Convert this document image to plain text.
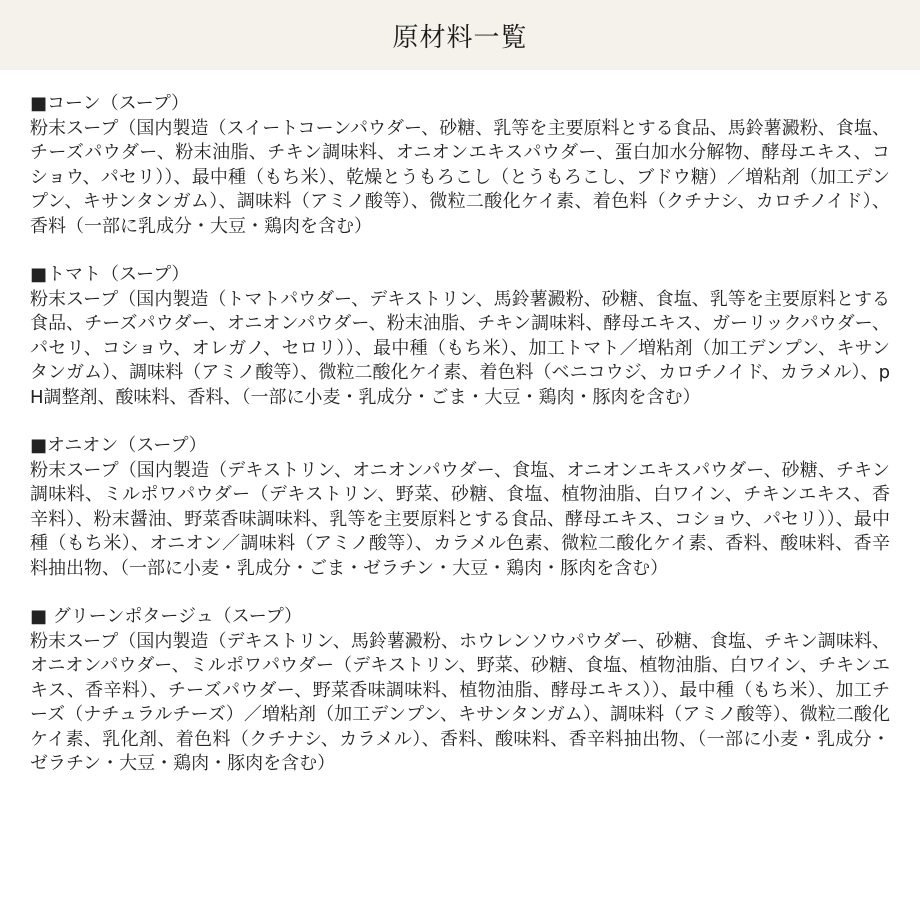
原材料一覧

■コーン（スープ）

粉末スープ（国内製造（スイートコーンパウダー、砂糖、乳等を主要原料とする食品、馬鈴薯澱粉、食塩、チーズパウダー、粉末油脂、チキン調味料、オニオンエキスパウダー、蛋白加水分解物、酵母エキス、コショウ、パセリ））、最中種（もち米）、乾燥とうもろこし（とうもろこし、ブドウ糖）／増粘剤（加工デンプン、キサンタンガム）、調味料（アミノ酸等）、微粒二酸化ケイ素、着色料（クチナシ、カロチノイド）、香料（一部に乳成分・大豆・鶏肉を含む）

■トマト（スープ）

粉末スープ（国内製造（トマトパウダー、デキストリン、馬鈴薯澱粉、砂糖、食塩、乳等を主要原料とする食品、チーズパウダー、オニオンパウダー、粉末油脂、チキン調味料、酵母エキス、ガーリックパウダー、パセリ、コショウ、オレガノ、セロリ））、最中種（もち米）、加工トマト／増粘剤（加工デンプン、キサンタンガム）、調味料（アミノ酸等）、微粒二酸化ケイ素、着色料（ベニコウジ、カロチノイド、カラメル）、pH調整剤、酸味料、香料、（一部に小麦・乳成分・ごま・大豆・鶏肉・豚肉を含む）

■オニオン（スープ）

粉末スープ（国内製造（デキストリン、オニオンパウダー、食塩、オニオンエキスパウダー、砂糖、チキン調味料、ミルポワパウダー（デキストリン、野菜、砂糖、食塩、植物油脂、白ワイン、チキンエキス、香辛料）、粉末醤油、野菜香味調味料、乳等を主要原料とする食品、酵母エキス、コショウ、パセリ））、最中種（もち米）、オニオン／調味料（アミノ酸等）、カラメル色素、微粒二酸化ケイ素、香料、酸味料、香辛料抽出物、（一部に小麦・乳成分・ごま・ゼラチン・大豆・鶏肉・豚肉を含む）

■ グリーンポタージュ（スープ）

粉末スープ（国内製造（デキストリン、馬鈴薯澱粉、ホウレンソウパウダー、砂糖、食塩、チキン調味料、オニオンパウダー、ミルポワパウダー（デキストリン、野菜、砂糖、食塩、植物油脂、白ワイン、チキンエキス、香辛料）、チーズパウダー、野菜香味調味料、植物油脂、酵母エキス））、最中種（もち米）、加工チーズ（ナチュラルチーズ）／増粘剤（加工デンプン、キサンタンガム）、調味料（アミノ酸等）、微粒二酸化ケイ素、乳化剤、着色料（クチナシ、カラメル）、香料、酸味料、香辛料抽出物、（一部に小麦・乳成分・ゼラチン・大豆・鶏肉・豚肉を含む）
